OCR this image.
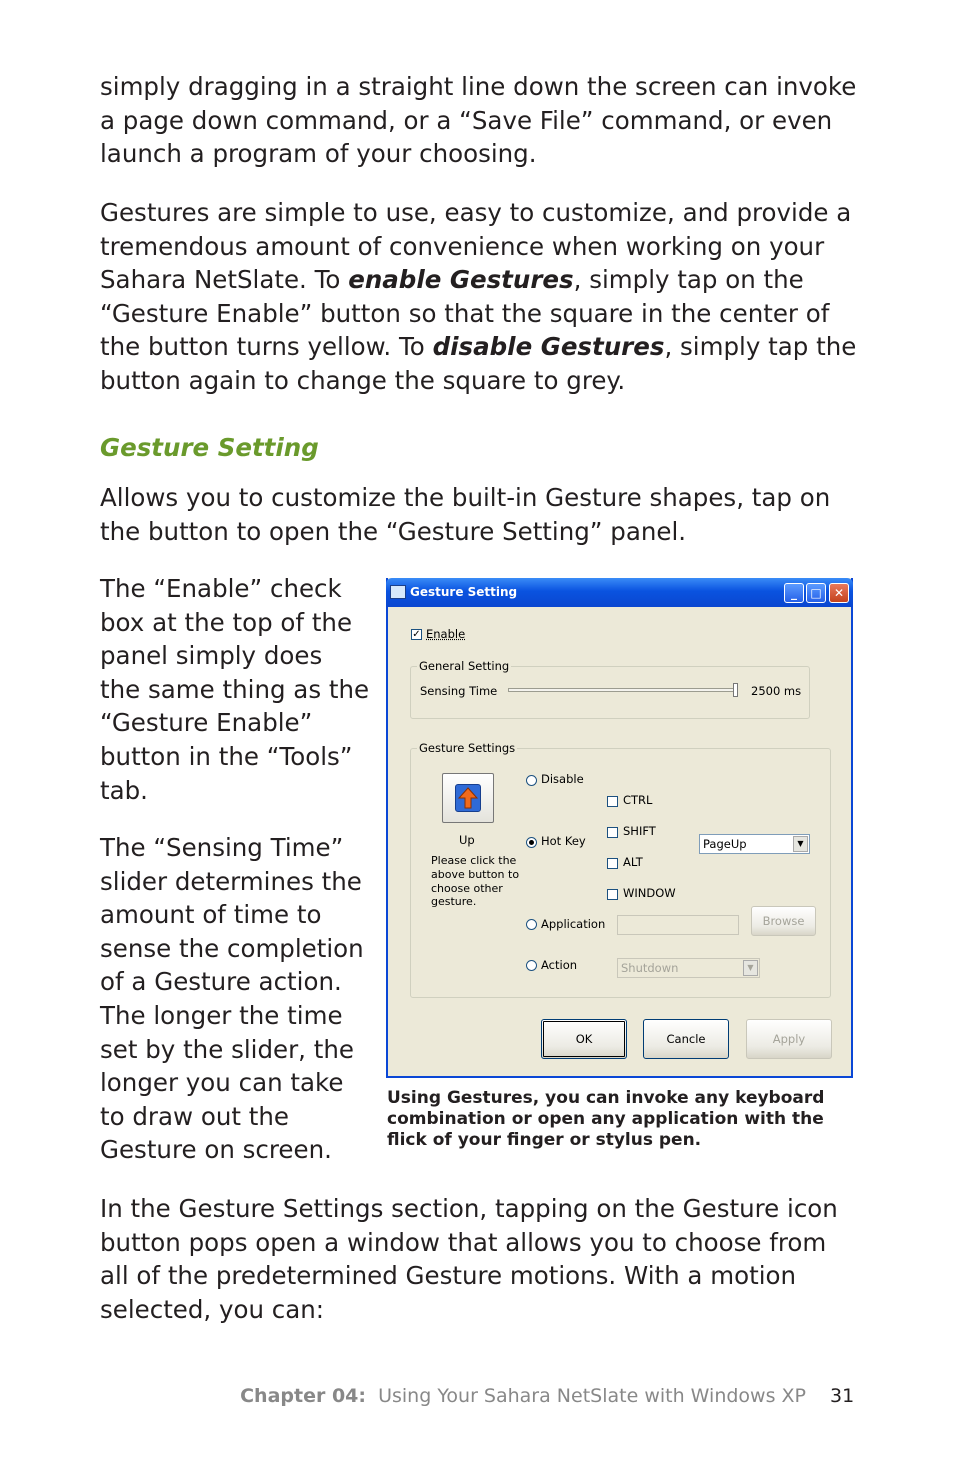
simply dragging in a straight line down the screen can invoke a page down command, or a “Save File” command, or even launch a program of your choosing.

Gestures are simple to use, easy to customize, and provide a tremendous amount of convenience when working on your Sahara NetSlate. To enable Gestures, simply tap on the “Gesture Enable” button so that the square in the center of the button turns yellow. To disable Gestures, simply tap the button again to change the square to grey.

Gesture Setting

Allows you to customize the built-in Gesture shapes, tap on the button to open the “Gesture Setting” panel.

The “Enable” check box at the top of the panel simply does the same thing as the “Gesture Enable” button in the “Tools” tab.

The “Sensing Time” slider determines the amount of time to sense the completion of a Gesture action. The longer the time set by the slider, the longer you can take to draw out the Gesture on screen.

Gesture Setting	_	□	✕
✓ Enable
General Setting
Sensing Time	2500 ms
Gesture Settings
Up
Please click the above button to choose other gesture.
Disable
Hot Key
Application
Action
CTRL
SHIFT
ALT
WINDOW
PageUp	▼
Browse
Shutdown	▼
OK	Cancle	Apply

Using Gestures, you can invoke any keyboard combination or open any application with the flick of your finger or stylus pen.

In the Gesture Settings section, tapping on the Gesture icon button pops open a window that allows you to choose from all of the predetermined Gesture motions. With a motion selected, you can:

Chapter 04: Using Your Sahara NetSlate with Windows XP 31
